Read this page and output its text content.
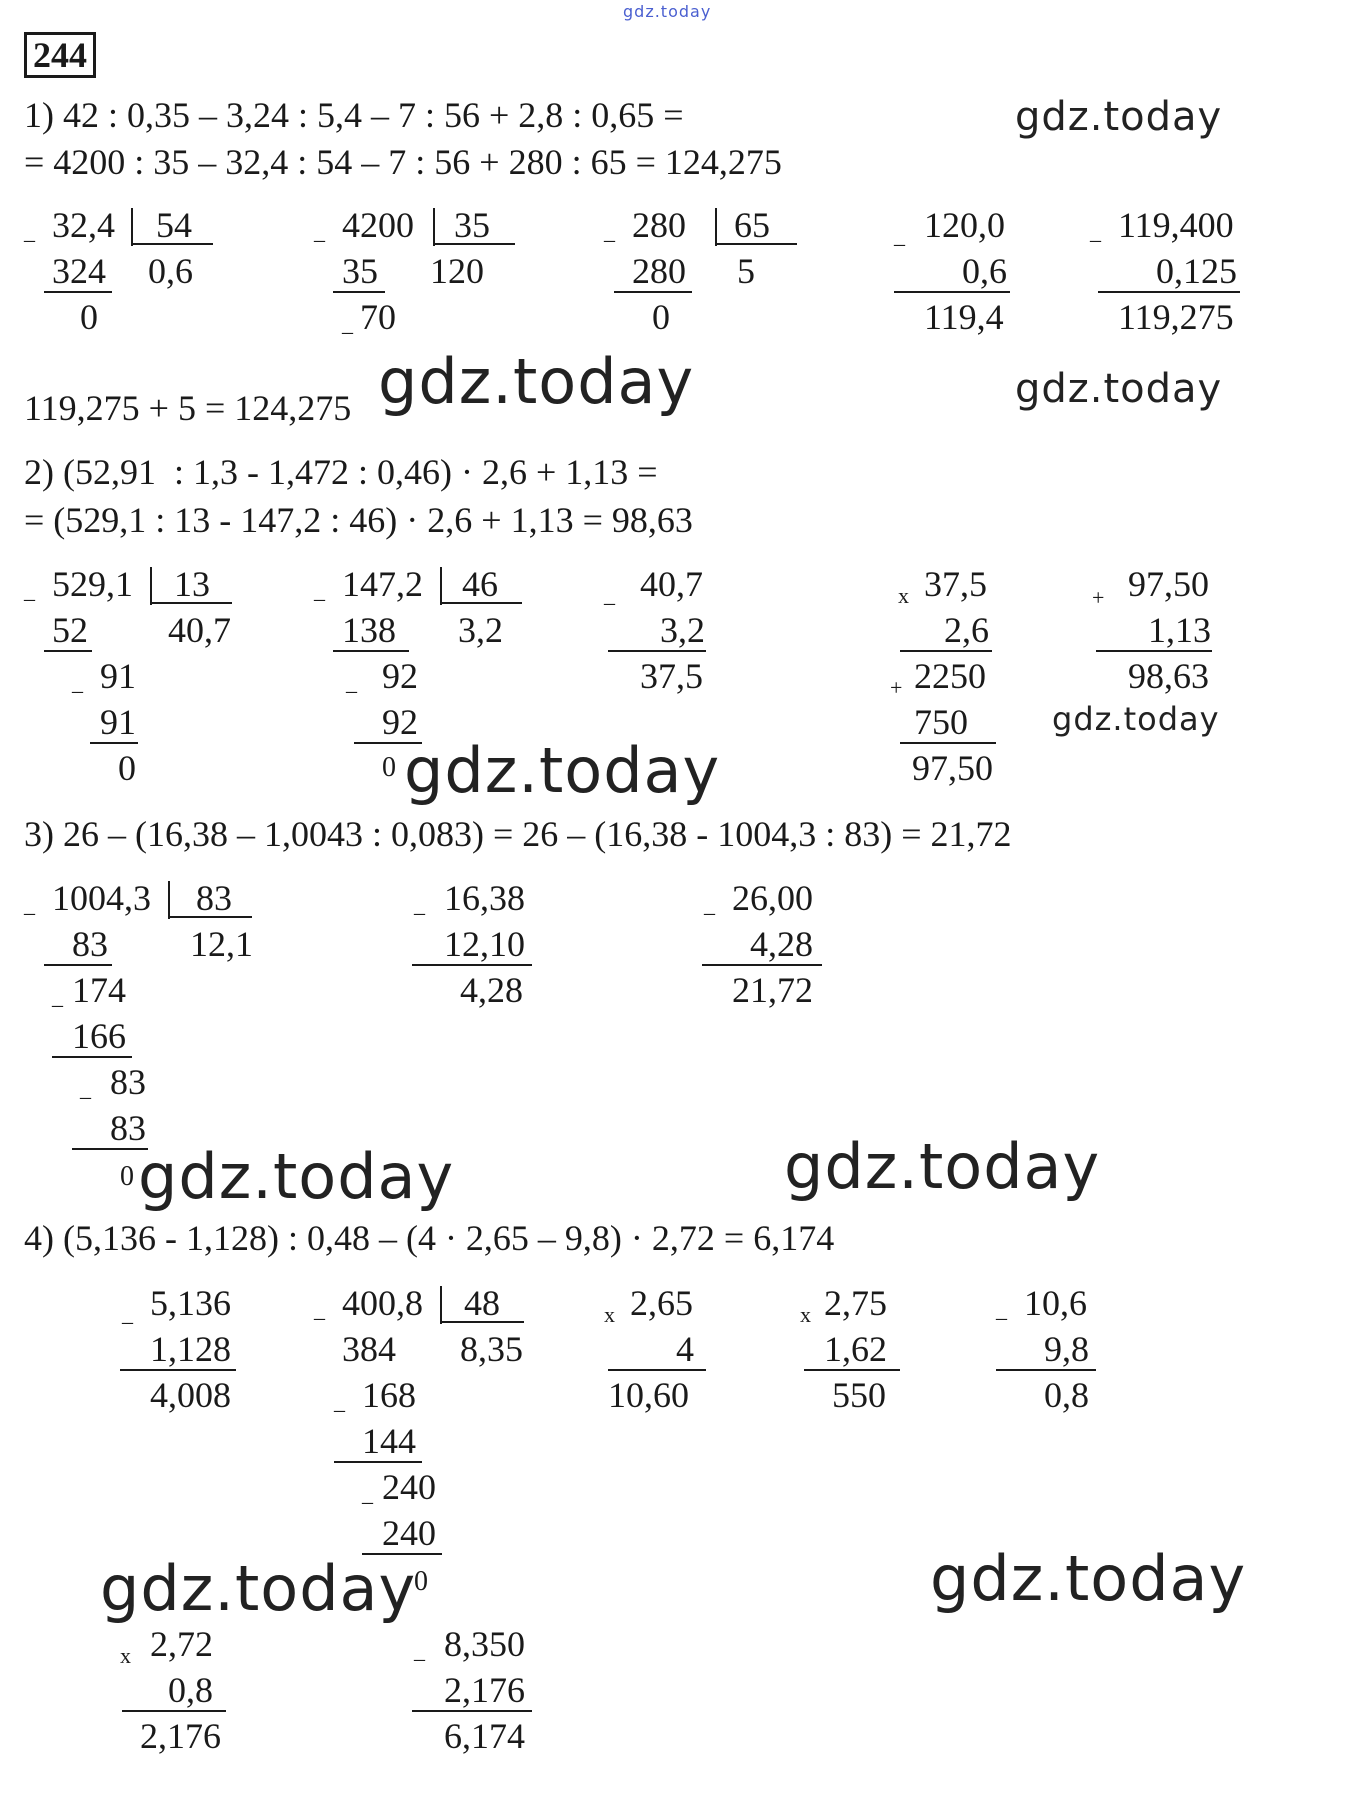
gdz.today
244
1) 42 : 0,35 – 3,24 : 5,4 – 7 : 56 + 2,8 : 0,65 =
= 4200 : 35 – 32,4 : 54 – 7 : 56 + 280 : 65 = 124,275
gdz.today
_ 32,4 54
324 0,6
0
_ 4200 35
35 120
_ 70
_ 280 65
280 5
0
_ 120,0
0,6
119,4
_ 119,400
0,125
119,275
119,275 + 5 = 124,275 gdz.today	gdz.today
2) (52,91  : 1,3 - 1,472 : 0,46) · 2,6 + 1,13 =
= (529,1 : 13 - 147,2 : 46) · 2,6 + 1,13 = 98,63
_ 529,1 13
52 40,7
_ 91
91
0
_ 147,2 46
138 3,2
_ 92
92
0 gdz.today
_ 40,7
3,2
37,5
x 37,5
2,6
+ 2250
750
97,50
+ 97,50
1,13
98,63
gdz.today
3) 26 – (16,38 – 1,0043 : 0,083) = 26 – (16,38 - 1004,3 : 83) = 21,72
_ 1004,3 83
83 12,1
_ 174
166
_ 83
83
0
_ 16,38
12,10
4,28
_ 26,00
4,28
21,72
gdz.today	gdz.today
4) (5,136 - 1,128) : 0,48 – (4 · 2,65 – 9,8) · 2,72 = 6,174
_ 5,136
1,128
4,008
_ 400,8 48
384 8,35
_ 168
144
_ 240
240
0
x 2,65
4
10,60
x 2,75
1,62
550
_ 10,6
9,8
0,8
gdz.today	gdz.today
x 2,72
0,8
2,176
_ 8,350
2,176
6,174
